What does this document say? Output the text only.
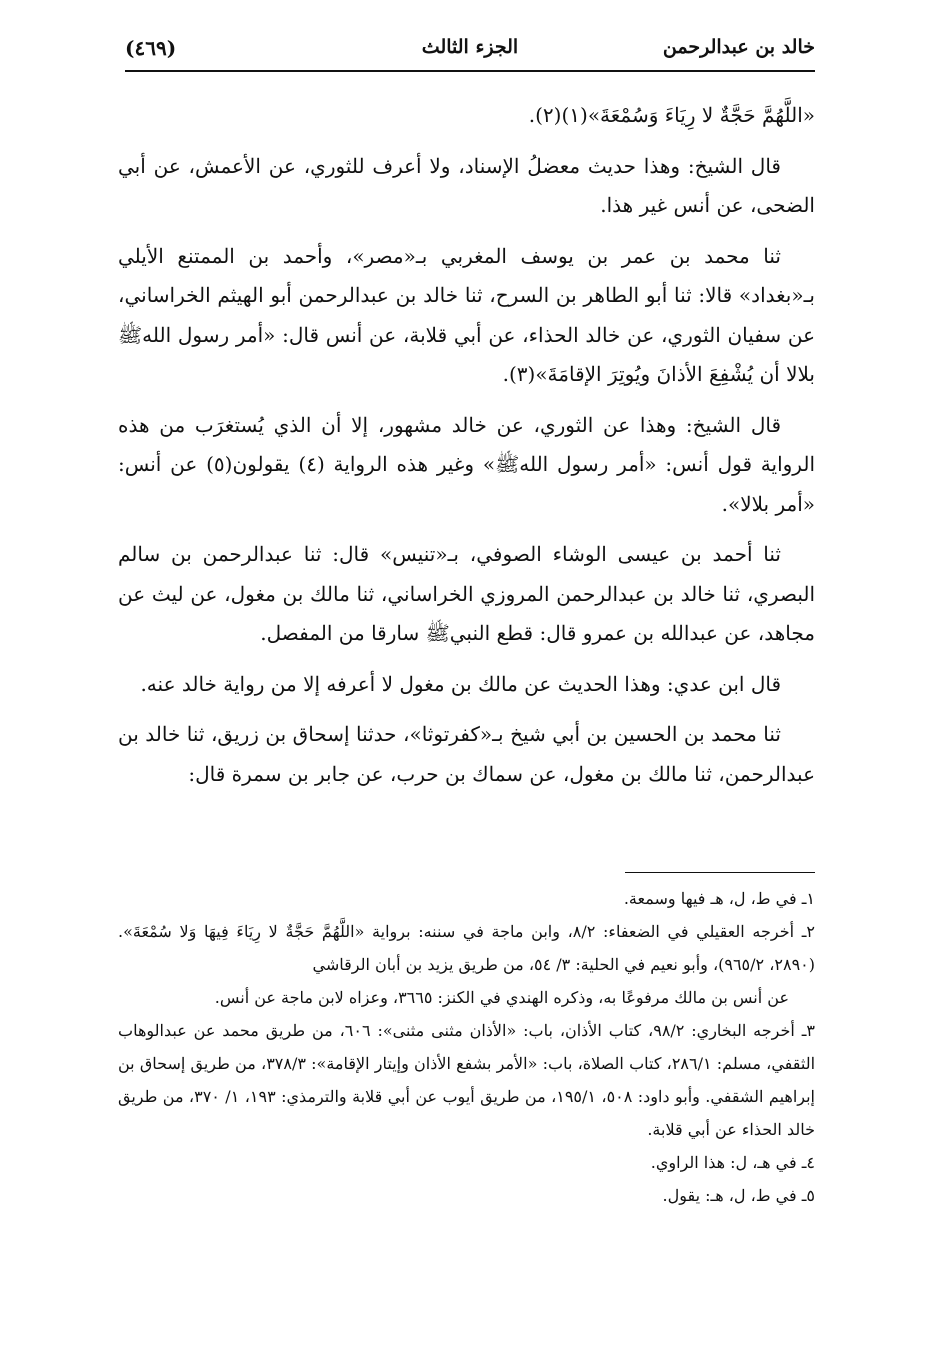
خالد بن عبدالرحمن
الجزء الثالث
(٤٦٩)

«اللَّهُمَّ حَجَّةٌ لا رِيَاءَ وَسُمْعَةَ»(١)(٢).

قال الشيخ: وهذا حديث معضلُ الإسناد، ولا أعرف للثوري، عن الأعمش، عن أبي الضحى، عن أنس غير هذا.

ثنا محمد بن عمر بن يوسف المغربي بـ«مصر»، وأحمد بن الممتنع الأيلي بـ«بغداد» قالا: ثنا أبو الطاهر بن السرح، ثنا خالد بن عبدالرحمن أبو الهيثم الخراساني، عن سفيان الثوري، عن خالد الحذاء، عن أبي قلابة، عن أنس قال: «أمر رسول اللهﷺ بلالا أن يُشْفِعَ الأذانَ ويُوتِرَ الإقامَةَ»(٣).

قال الشيخ: وهذا عن الثوري، عن خالد مشهور، إلا أن الذي يُستغرَب من هذه الرواية قول أنس: «أمر رسول اللهﷺ» وغير هذه الرواية (٤) يقولون(٥) عن أنس: «أمر بلالا».

ثنا أحمد بن عيسى الوشاء الصوفي، بـ«تنيس» قال: ثنا عبدالرحمن بن سالم البصري، ثنا خالد بن عبدالرحمن المروزي الخراساني، ثنا مالك بن مغول، عن ليث عن مجاهد، عن عبدالله بن عمرو قال: قطع النبيﷺ سارقا من المفصل.

قال ابن عدي: وهذا الحديث عن مالك بن مغول لا أعرفه إلا من رواية خالد عنه.

ثنا محمد بن الحسين بن أبي شيخ بـ«كفرتوثا»، حدثنا إسحاق بن زريق، ثنا خالد بن عبدالرحمن، ثنا مالك بن مغول، عن سماك بن حرب، عن جابر بن سمرة قال:

١ـ في ط، ل، هـ فيها وسمعة.

٢ـ أخرجه العقيلي في الضعفاء: ٨/٢، وابن ماجة في سننه: برواية «اللَّهُمَّ حَجَّةٌ لا رِيَاءَ فِيهَا وَلا سُمْعَةَ». (٢٨٩٠، ٩٦٥/٢)، وأبو نعيم في الحلية: ٣/ ٥٤، من طريق يزيد بن أبان الرقاشي

عن أنس بن مالك مرفوعًا به، وذكره الهندي في الكنز: ٣٦٦٥، وعزاه لابن ماجة عن أنس.

٣ـ أخرجه البخاري: ٩٨/٢، كتاب الأذان، باب: «الأذان مثنى مثنى»: ٦٠٦، من طريق محمد عن عبدالوهاب الثقفي، مسلم: ٢٨٦/١، كتاب الصلاة، باب: «الأمر بشفع الأذان وإيتار الإقامة»: ٣٧٨/٣، من طريق إسحاق بن إبراهيم الشقفي. وأبو داود: ٥٠٨، ١٩٥/١، من طريق أيوب عن أبي قلابة والترمذي: ١٩٣، ١/ ٣٧٠، من طريق خالد الحذاء عن أبي قلابة.

٤ـ في هـ، ل: هذا الراوي.

٥ـ في ط، ل، هـ: يقول.
